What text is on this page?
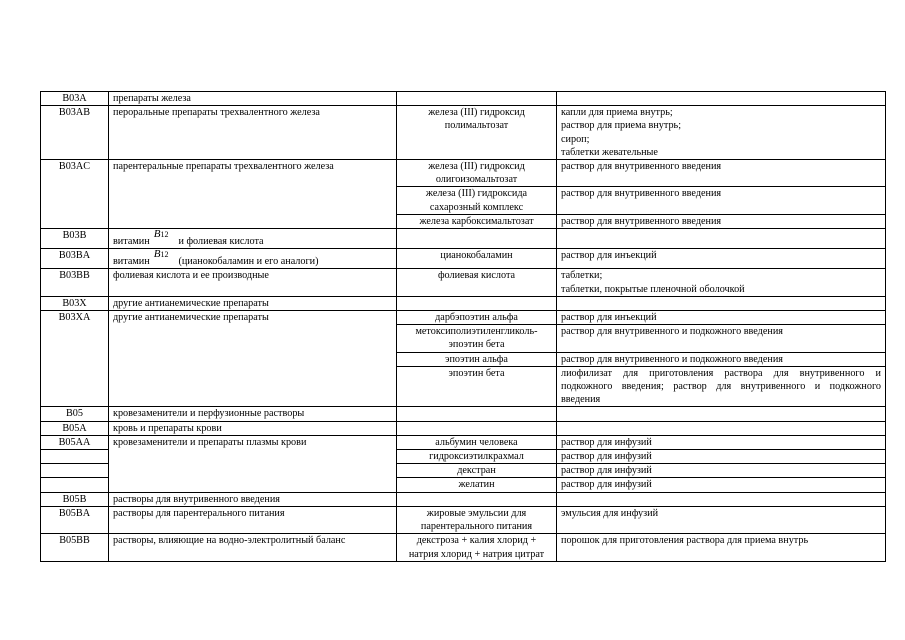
B03A	препараты железа		
B03AB	пероральные препараты трехвалентного железа	железа (III) гидроксид полимальтозат	капли для приема внутрь;
раствор для приема внутрь;
сироп;
таблетки жевательные

B03AC	парентеральные препараты трехвалентного железа	железа (III) гидроксид олигоизомальтозат	раствор для внутривенного введения
		железа (III) гидроксида сахарозный комплекс	раствор для внутривенного введения
		железа карбоксимальтозат	раствор для внутривенного введения
B03B	витаминB12и фолиевая кислота		
B03BA	витаминB12(цианокобаламин и его аналоги)	цианокобаламин	раствор для инъекций
B03BB	фолиевая кислота и ее производные	фолиевая кислота	таблетки;
таблетки, покрытые пленочной оболочкой

B03X	другие антианемические препараты		
B03XA	другие антианемические препараты	дарбэпоэтин альфа	раствор для инъекций
		метоксиполиэтиленгликоль-эпоэтин бета	раствор для внутривенного и подкожного введения
		эпоэтин альфа	раствор для внутривенного и подкожного введения
		эпоэтин бета	лиофилизат для приготовления раствора для внутривенного и подкожного введения; раствор для внутривенного и подкожного введения
B05	кровезаменители и перфузионные растворы		
B05A	кровь и препараты крови		
B05AA	кровезаменители и препараты плазмы крови	альбумин человека	раствор для инфузий
		гидроксиэтилкрахмал	раствор для инфузий
		декстран	раствор для инфузий
		желатин	раствор для инфузий
B05B	растворы для внутривенного введения		
B05BA	растворы для парентерального питания	жировые эмульсии для парентерального питания	эмульсия для инфузий
B05BB	растворы, влияющие на водно-электролитный баланс	декстроза + калия хлорид + натрия хлорид + натрия цитрат	порошок для приготовления раствора для приема внутрь
